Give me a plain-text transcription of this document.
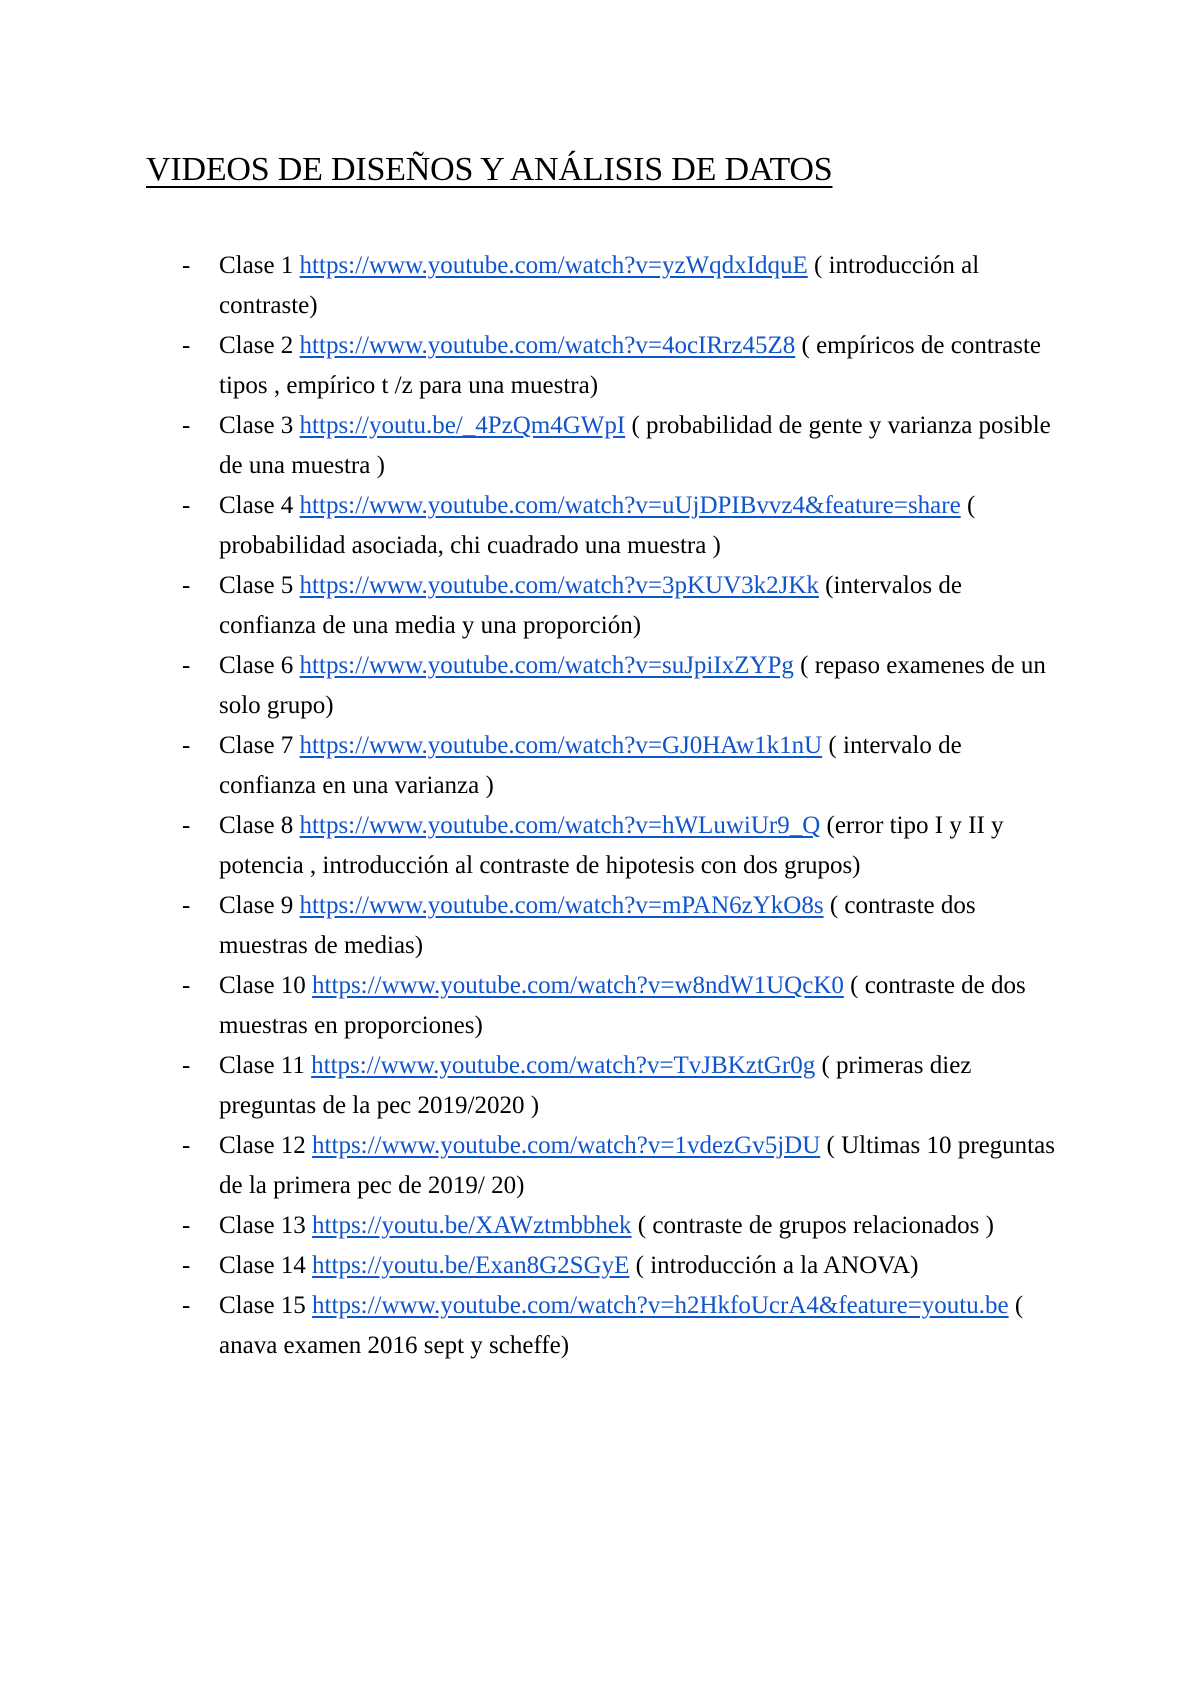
VIDEOS DE DISEÑOS Y ANÁLISIS DE DATOS
- Clase 1 https://www.youtube.com/watch?v=yzWqdxIdquE ( introducción al contraste)
- Clase 2 https://www.youtube.com/watch?v=4ocIRrz45Z8 ( empíricos de contraste tipos , empírico t /z para una muestra)
- Clase 3 https://youtu.be/_4PzQm4GWpI ( probabilidad de gente y varianza posible de una muestra )
- Clase 4 https://www.youtube.com/watch?v=uUjDPIBvvz4&feature=share ( probabilidad asociada, chi cuadrado una muestra )
- Clase 5 https://www.youtube.com/watch?v=3pKUV3k2JKk (intervalos de confianza de una media y una proporción)
- Clase 6 https://www.youtube.com/watch?v=suJpiIxZYPg ( repaso examenes de un solo grupo)
- Clase 7 https://www.youtube.com/watch?v=GJ0HAw1k1nU ( intervalo de confianza en una varianza )
- Clase 8 https://www.youtube.com/watch?v=hWLuwiUr9_Q (error tipo I y II y potencia , introducción al contraste de hipotesis con dos grupos)
- Clase 9 https://www.youtube.com/watch?v=mPAN6zYkO8s ( contraste dos muestras de medias)
- Clase 10 https://www.youtube.com/watch?v=w8ndW1UQcK0 ( contraste de dos muestras en proporciones)
- Clase 11 https://www.youtube.com/watch?v=TvJBKztGr0g ( primeras diez preguntas de la pec 2019/2020 )
- Clase 12 https://www.youtube.com/watch?v=1vdezGv5jDU ( Ultimas 10 preguntas de la primera pec de 2019/ 20)
- Clase 13 https://youtu.be/XAWztmbbhek ( contraste de grupos relacionados )
- Clase 14 https://youtu.be/Exan8G2SGyE ( introducción a la ANOVA)
- Clase 15 https://www.youtube.com/watch?v=h2HkfoUcrA4&feature=youtu.be ( anava examen 2016 sept y scheffe)
